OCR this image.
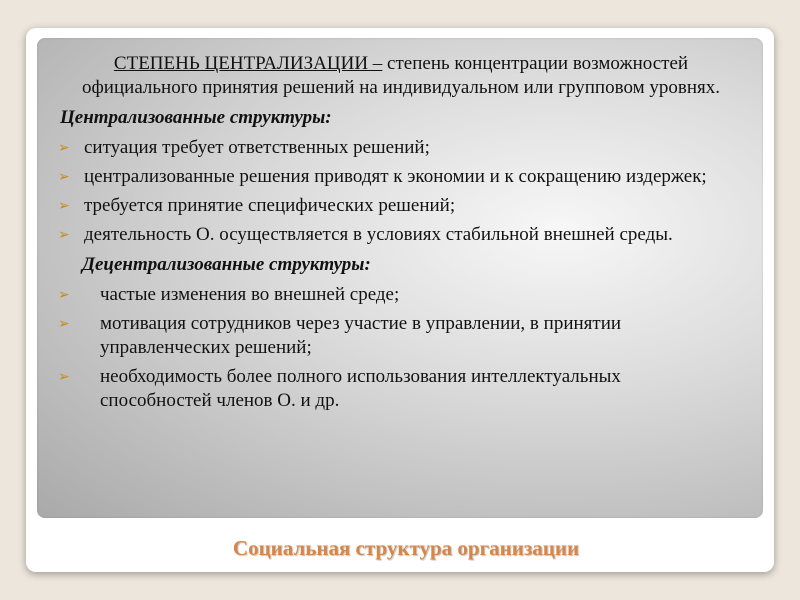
СТЕПЕНЬ ЦЕНТРАЛИЗАЦИИ – степень концентрации возможностей официального принятия решений на индивидуальном или групповом уровнях.

Централизованные структуры:
➢ ситуация требует ответственных решений;
➢ централизованные решения приводят к экономии и к сокращению издержек;
➢ требуется принятие специфических решений;
➢ деятельность О. осуществляется в условиях стабильной внешней среды.
Децентрализованные структуры:
➢ частые изменения во внешней среде;
➢ мотивация сотрудников через участие в управлении, в принятии управленческих решений;
➢ необходимость более полного использования интеллектуальных способностей членов О. и др.
Социальная структура организации
